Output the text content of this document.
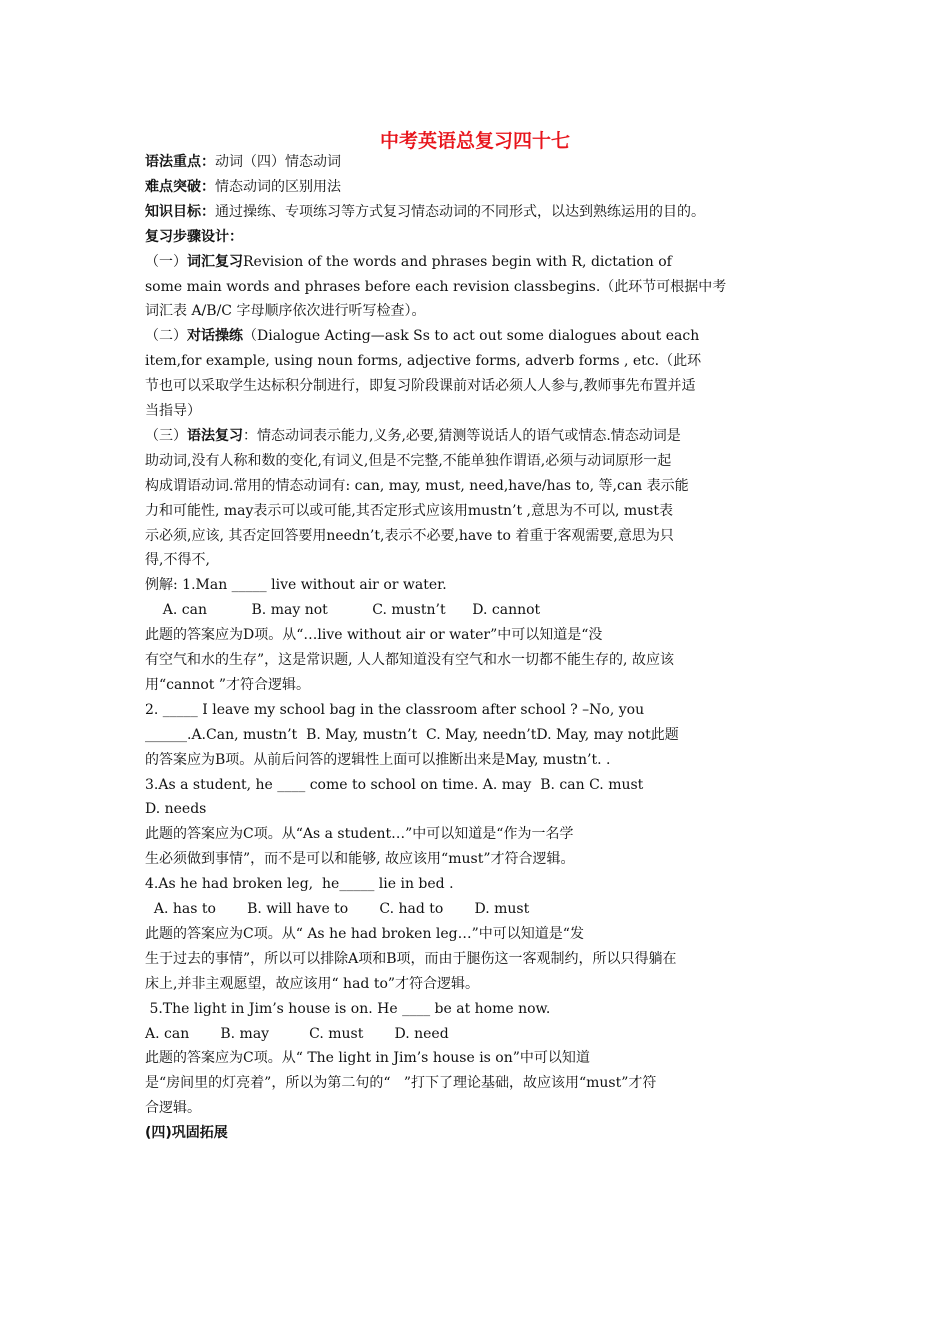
中考英语总复习四十七
语法重点：动词（四）情态动词
难点突破：情态动词的区别用法
知识目标：通过操练、专项练习等方式复习情态动词的不同形式，以达到熟练运用的目的。
复习步骤设计：
（一）词汇复习Revision of the words and phrases begin with R, dictation of
some main words and phrases before each revision classbegins.（此环节可根据中考
词汇表 A/B/C 字母顺序依次进行听写检查）。
（二）对话操练（Dialogue Acting—ask Ss to act out some dialogues about each
item,for example, using noun forms, adjective forms, adverb forms , etc.（此环
节也可以采取学生达标积分制进行，即复习阶段课前对话必须人人参与,教师事先布置并适
当指导）
（三）语法复习：情态动词表示能力,义务,必要,猜测等说话人的语气或情态.情态动词是
助动词,没有人称和数的变化,有词义,但是不完整,不能单独作谓语,必须与动词原形一起
构成谓语动词.常用的情态动词有: can, may, must, need,have/has to, 等,can 表示能
力和可能性, may表示可以或可能,其否定形式应该用mustn’t ,意思为不可以, must表
示必须,应该, 其否定回答要用needn’t,表示不必要,have to 着重于客观需要,意思为只
得,不得不,
例解: 1.Man _____ live without air or water.
A. can          B. may not          C. mustn’t      D. cannot
此题的答案应为D项。从“…live without air or water”中可以知道是“没
有空气和水的生存”，这是常识题, 人人都知道没有空气和水一切都不能生存的, 故应该
用“cannot ”才符合逻辑。
2. _____ I leave my school bag in the classroom after school ? –No, you
______.A.Can, mustn’t  B. May, mustn’t  C. May, needn’tD. May, may not此题
的答案应为B项。从前后问答的逻辑性上面可以推断出来是May, mustn’t. .
3.As a student, he ____ come to school on time. A. may  B. can C. must
D. needs
此题的答案应为C项。从“As a student…”中可以知道是“作为一名学
生必须做到事情”，而不是可以和能够, 故应该用“must”才符合逻辑。
4.As he had broken leg,  he_____ lie in bed .
A. has to       B. will have to       C. had to       D. must
此题的答案应为C项。从“ As he had broken leg…”中可以知道是“发
生于过去的事情”，所以可以排除A项和B项，而由于腿伤这一客观制约，所以只得躺在
床上,并非主观愿望，故应该用“ had to”才符合逻辑。
5.The light in Jim’s house is on. He ____ be at home now.
A. can       B. may         C. must       D. need
此题的答案应为C项。从“ The light in Jim’s house is on”中可以知道
是“房间里的灯亮着”，所以为第二句的“   ”打下了理论基础，故应该用“must”才符
合逻辑。
(四)巩固拓展
